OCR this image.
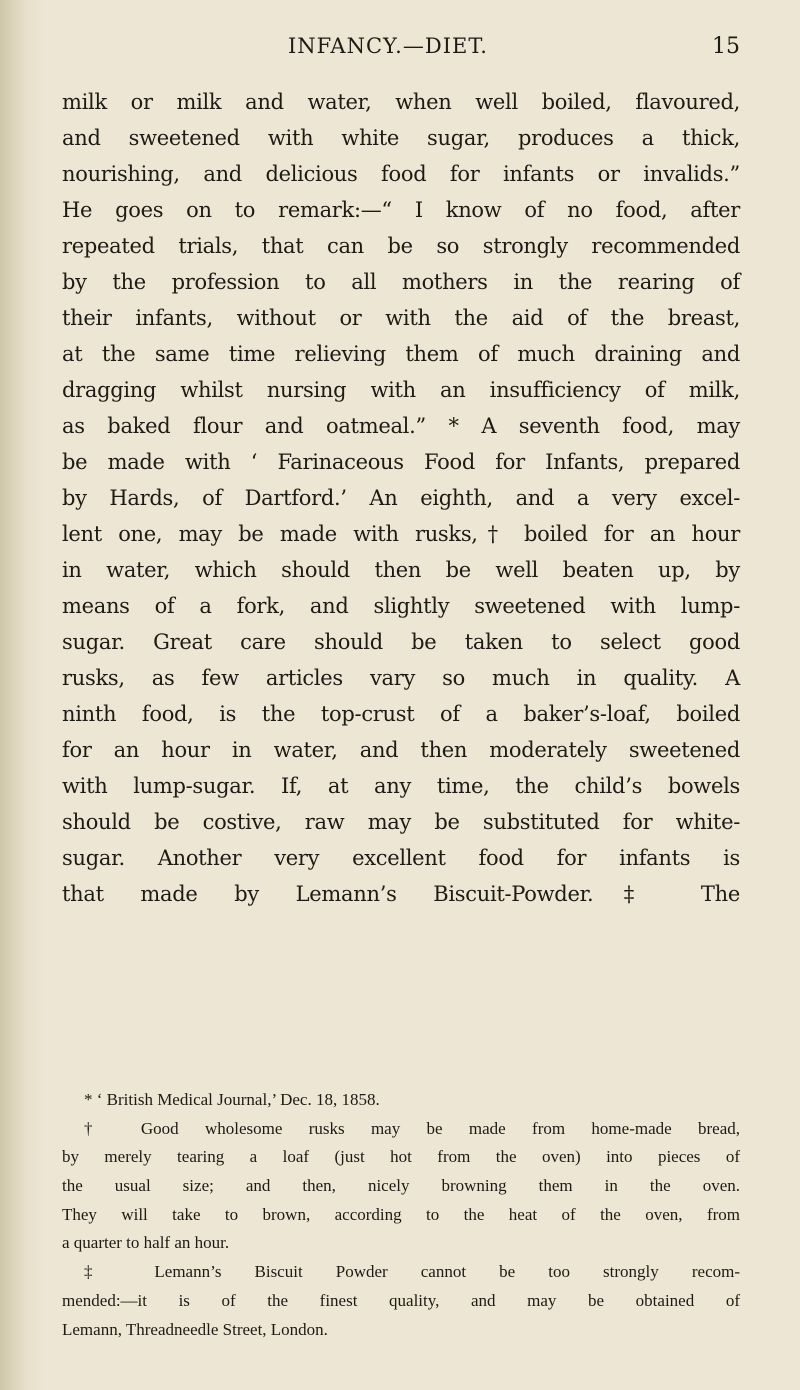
INFANCY.—DIET.	15
milk or milk and water, when well boiled, flavoured,
and sweetened with white sugar, produces a thick,
nourishing, and delicious food for infants or invalids.”
He goes on to remark:—“ I know of no food, after
repeated trials, that can be so strongly recommended
by the profession to all mothers in the rearing of
their infants, without or with the aid of the breast,
at the same time relieving them of much draining and
dragging whilst nursing with an insufficiency of milk,
as baked flour and oatmeal.” * A seventh food, may
be made with ‘ Farinaceous Food for Infants, prepared
by Hards, of Dartford.’ An eighth, and a very excel-
lent one, may be made with rusks,† boiled for an hour
in water, which should then be well beaten up, by
means of a fork, and slightly sweetened with lump-
sugar. Great care should be taken to select good
rusks, as few articles vary so much in quality. A
ninth food, is the top-crust of a baker’s-loaf, boiled
for an hour in water, and then moderately sweetened
with lump-sugar. If, at any time, the child’s bowels
should be costive, raw may be substituted for white-
sugar. Another very excellent food for infants is
that made by Lemann’s Biscuit-Powder.‡ The
* ‘ British Medical Journal,’ Dec. 18, 1858.
† Good wholesome rusks may be made from home-made bread,
by merely tearing a loaf (just hot from the oven) into pieces of
the usual size; and then, nicely browning them in the oven.
They will take to brown, according to the heat of the oven, from
a quarter to half an hour.
‡ Lemann’s Biscuit Powder cannot be too strongly recom-
mended:—it is of the finest quality, and may be obtained of
Lemann, Threadneedle Street, London.
